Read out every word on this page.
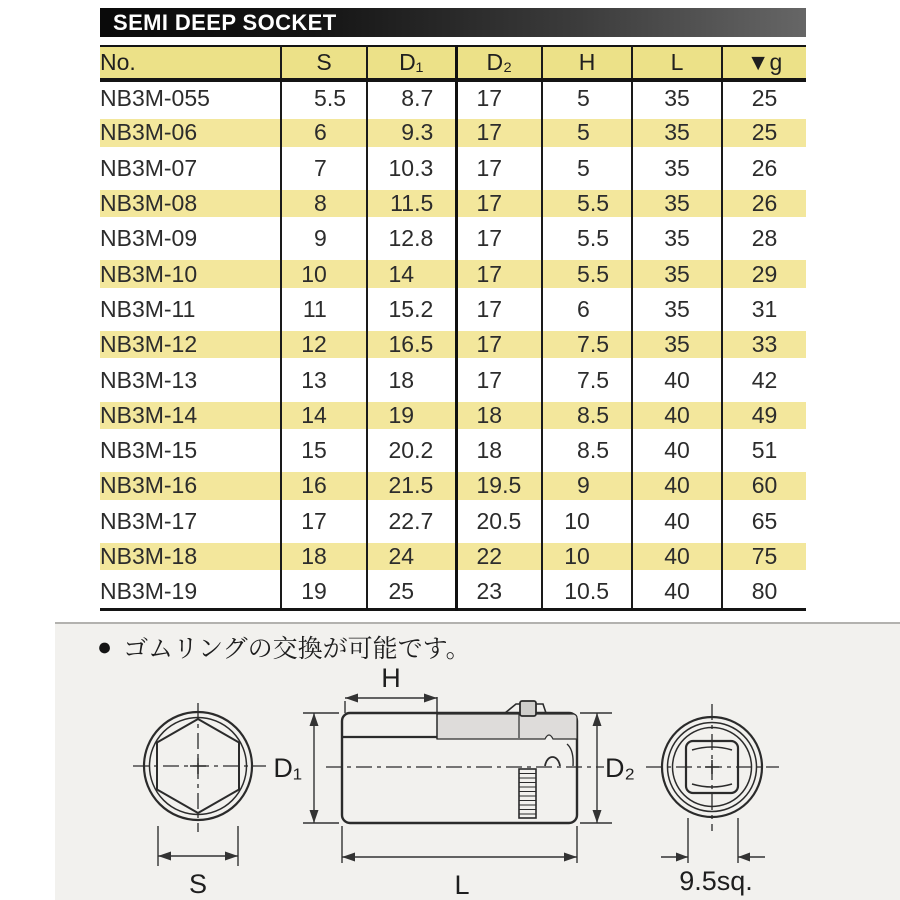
SEMI DEEP SOCKET
No.	S	D₁	D₂	H	L	▼g
NB3M-055	5.5	8.7	17	5	35	25
NB3M-06	6	9.3	17	5	35	25
NB3M-07	7	10.3	17	5	35	26
NB3M-08	8	11.5	17	5.5	35	26
NB3M-09	9	12.8	17	5.5	35	28
NB3M-10	10	14	17	5.5	35	29
NB3M-11	11	15.2	17	6	35	31
NB3M-12	12	16.5	17	7.5	35	33
NB3M-13	13	18	17	7.5	40	42
NB3M-14	14	19	18	8.5	40	49
NB3M-15	15	20.2	18	8.5	40	51
NB3M-16	16	21.5	19.5	9	40	60
NB3M-17	17	22.7	20.5	10	40	65
NB3M-18	18	24	22	10	40	75
NB3M-19	19	25	23	10.5	40	80
● ゴムリングの交換が可能です。
S
D₁
H
D₂
L	9.5sq.
